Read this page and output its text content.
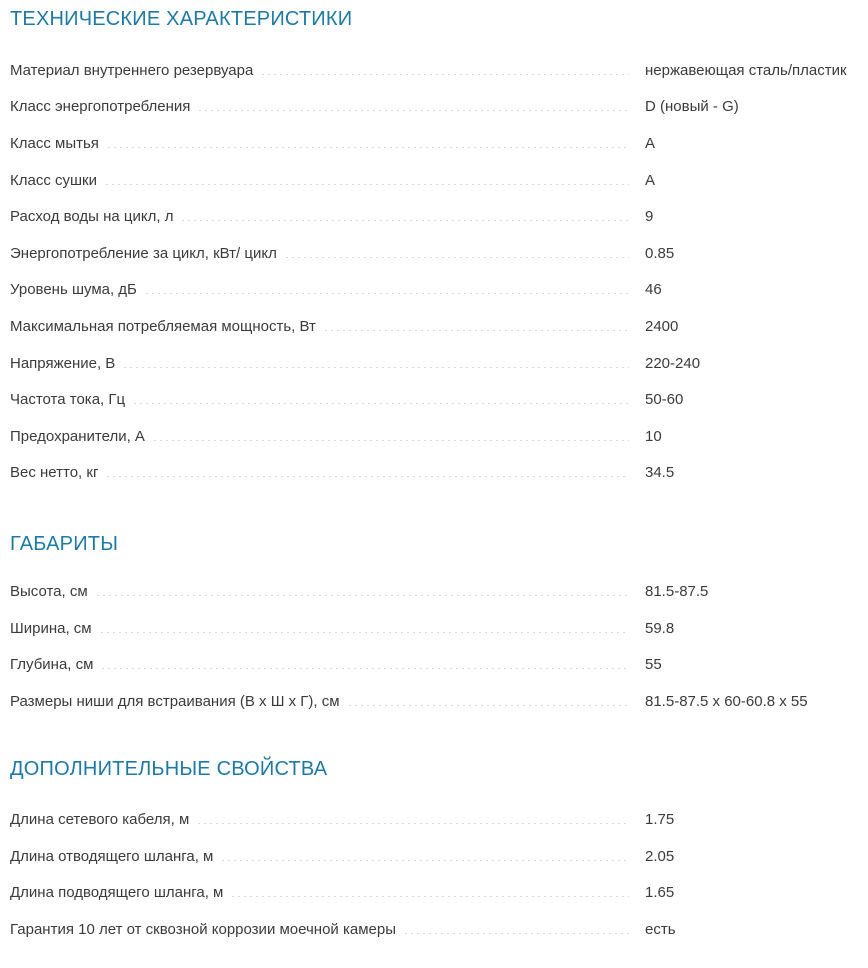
ТЕХНИЧЕСКИЕ ХАРАКТЕРИСТИКИ
Материал внутреннего резервуара	нержавеющая сталь/пластик
Класс энергопотребления	D (новый - G)
Класс мытья	A
Класс сушки	A
Расход воды на цикл, л	9
Энергопотребление за цикл, кВт/ цикл	0.85
Уровень шума, дБ	46
Максимальная потребляемая мощность, Вт	2400
Напряжение, В	220-240
Частота тока, Гц	50-60
Предохранители, А	10
Вес нетто, кг	34.5
ГАБАРИТЫ
Высота, см	81.5-87.5
Ширина, см	59.8
Глубина, см	55
Размеры ниши для встраивания (В х Ш х Г), см	81.5-87.5 x 60-60.8 x 55
ДОПОЛНИТЕЛЬНЫЕ СВОЙСТВА
Длина сетевого кабеля, м	1.75
Длина отводящего шланга, м	2.05
Длина подводящего шланга, м	1.65
Гарантия 10 лет от сквозной коррозии моечной камеры	есть
